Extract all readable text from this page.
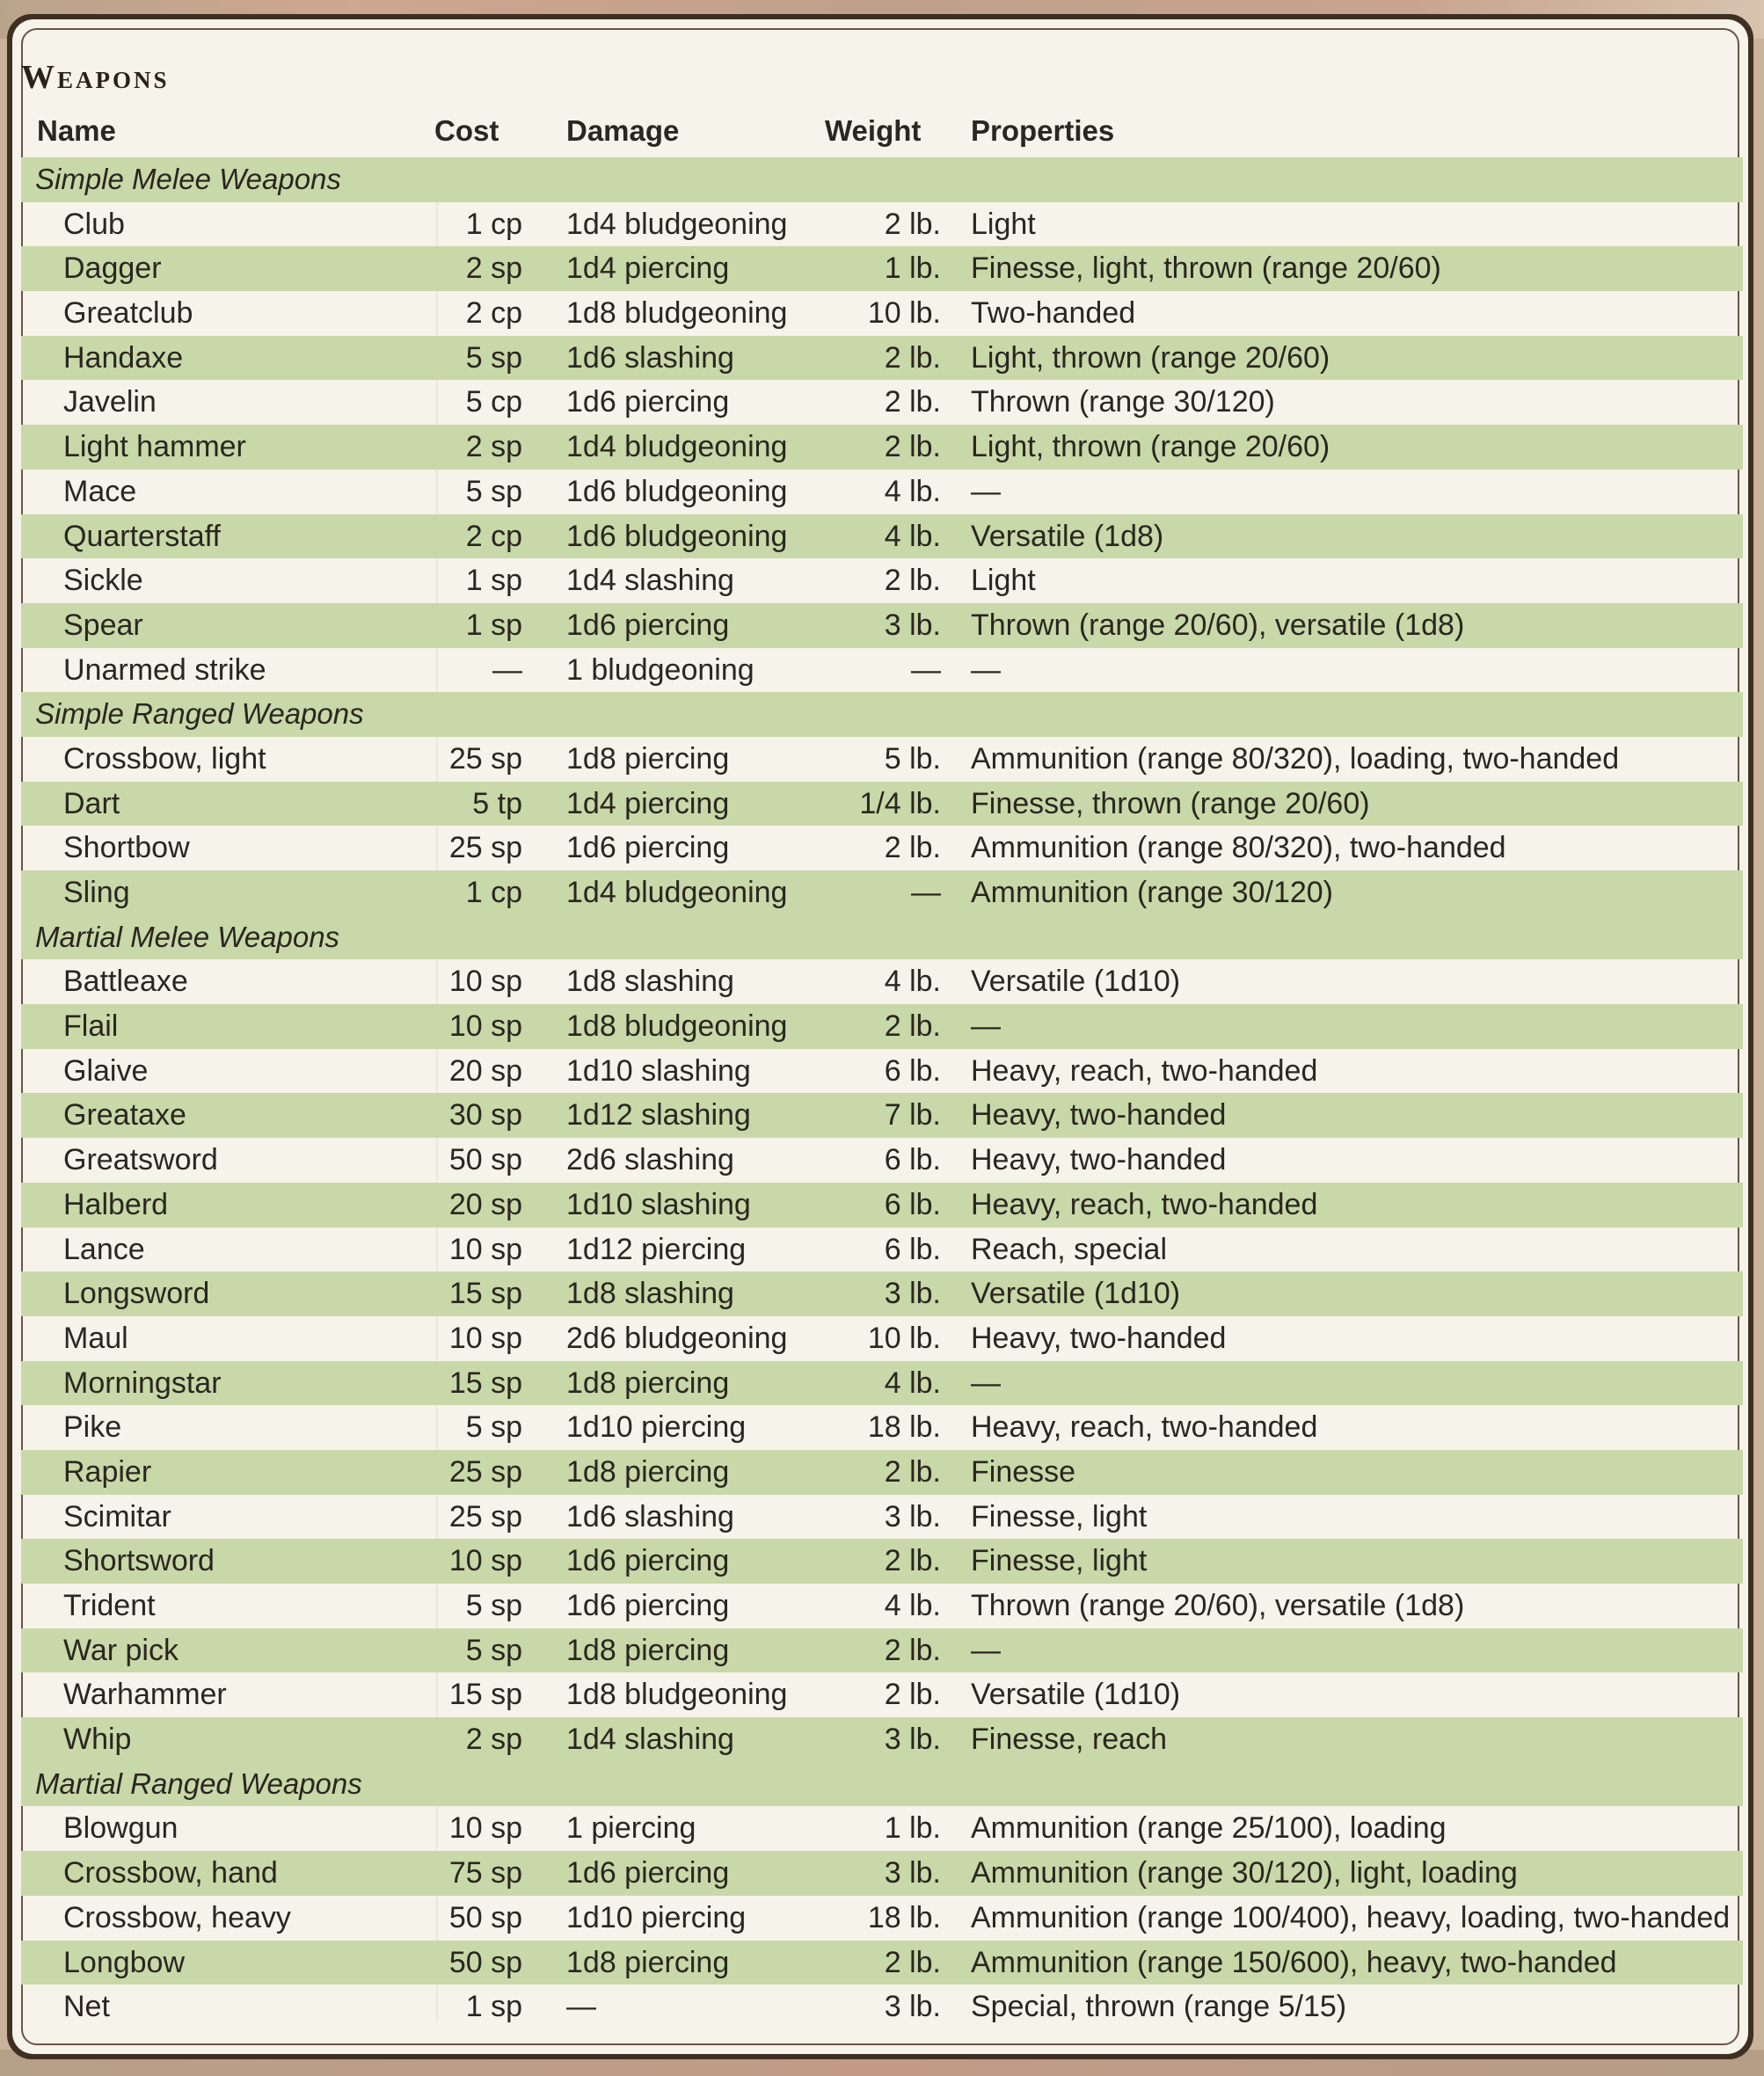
Weapons
Name	Cost Damage	Weight Properties
Simple Melee Weapons
Club	1 cp 1d4 bludgeoning	2 lb. Light
Dagger	2 sp 1d4 piercing	1 lb. Finesse, light, thrown (range 20/60)
Greatclub	2 cp 1d8 bludgeoning	10 lb. Two-handed
Handaxe	5 sp 1d6 slashing	2 lb. Light, thrown (range 20/60)
Javelin	5 cp 1d6 piercing	2 lb. Thrown (range 30/120)
Light hammer	2 sp 1d4 bludgeoning	2 lb. Light, thrown (range 20/60)
Mace	5 sp 1d6 bludgeoning	4 lb. —
Quarterstaff	2 cp 1d6 bludgeoning	4 lb. Versatile (1d8)
Sickle	1 sp 1d4 slashing	2 lb. Light
Spear	1 sp 1d6 piercing	3 lb. Thrown (range 20/60), versatile (1d8)
Unarmed strike	— 1 bludgeoning	— —
Simple Ranged Weapons
Crossbow, light	25 sp 1d8 piercing	5 lb. Ammunition (range 80/320), loading, two-handed
Dart	5 tp 1d4 piercing	1/4 lb. Finesse, thrown (range 20/60)
Shortbow	25 sp 1d6 piercing	2 lb. Ammunition (range 80/320), two-handed
Sling	1 cp 1d4 bludgeoning	— Ammunition (range 30/120)
Martial Melee Weapons
Battleaxe	10 sp 1d8 slashing	4 lb. Versatile (1d10)
Flail	10 sp 1d8 bludgeoning	2 lb. —
Glaive	20 sp 1d10 slashing	6 lb. Heavy, reach, two-handed
Greataxe	30 sp 1d12 slashing	7 lb. Heavy, two-handed
Greatsword	50 sp 2d6 slashing	6 lb. Heavy, two-handed
Halberd	20 sp 1d10 slashing	6 lb. Heavy, reach, two-handed
Lance	10 sp 1d12 piercing	6 lb. Reach, special
Longsword	15 sp 1d8 slashing	3 lb. Versatile (1d10)
Maul	10 sp 2d6 bludgeoning	10 lb. Heavy, two-handed
Morningstar	15 sp 1d8 piercing	4 lb. —
Pike	5 sp 1d10 piercing	18 lb. Heavy, reach, two-handed
Rapier	25 sp 1d8 piercing	2 lb. Finesse
Scimitar	25 sp 1d6 slashing	3 lb. Finesse, light
Shortsword	10 sp 1d6 piercing	2 lb. Finesse, light
Trident	5 sp 1d6 piercing	4 lb. Thrown (range 20/60), versatile (1d8)
War pick	5 sp 1d8 piercing	2 lb. —
Warhammer	15 sp 1d8 bludgeoning	2 lb. Versatile (1d10)
Whip	2 sp 1d4 slashing	3 lb. Finesse, reach
Martial Ranged Weapons
Blowgun	10 sp 1 piercing	1 lb. Ammunition (range 25/100), loading
Crossbow, hand	75 sp 1d6 piercing	3 lb. Ammunition (range 30/120), light, loading
Crossbow, heavy	50 sp 1d10 piercing	18 lb. Ammunition (range 100/400), heavy, loading, two-handed
Longbow	50 sp 1d8 piercing	2 lb. Ammunition (range 150/600), heavy, two-handed
Net	1 sp —	3 lb. Special, thrown (range 5/15)
